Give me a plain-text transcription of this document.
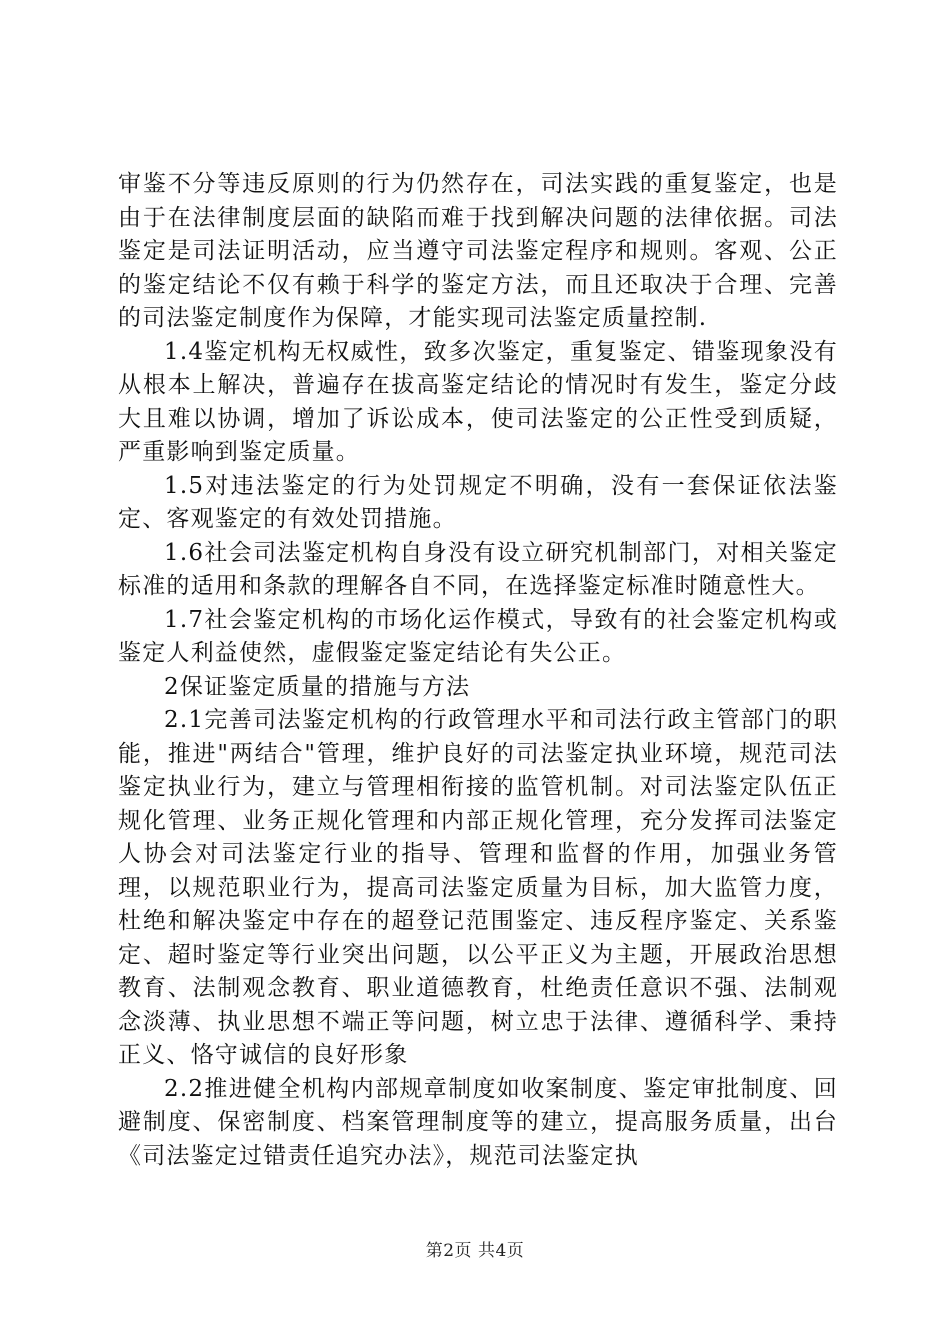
审鉴不分等违反原则的行为仍然存在，司法实践的重复鉴定，也是由于在法律制度层面的缺陷而难于找到解决问题的法律依据。司法鉴定是司法证明活动，应当遵守司法鉴定程序和规则。客观、公正的鉴定结论不仅有赖于科学的鉴定方法，而且还取决于合理、完善的司法鉴定制度作为保障，才能实现司法鉴定质量控制.

1.4鉴定机构无权威性，致多次鉴定，重复鉴定、错鉴现象没有从根本上解决，普遍存在拔高鉴定结论的情况时有发生，鉴定分歧大且难以协调，增加了诉讼成本，使司法鉴定的公正性受到质疑，严重影响到鉴定质量。

1.5对违法鉴定的行为处罚规定不明确，没有一套保证依法鉴定、客观鉴定的有效处罚措施。

1.6社会司法鉴定机构自身没有设立研究机制部门，对相关鉴定标准的适用和条款的理解各自不同，在选择鉴定标准时随意性大。

1.7社会鉴定机构的市场化运作模式，导致有的社会鉴定机构或鉴定人利益使然，虚假鉴定鉴定结论有失公正。

2保证鉴定质量的措施与方法

2.1完善司法鉴定机构的行政管理水平和司法行政主管部门的职能，推进"两结合"管理，维护良好的司法鉴定执业环境，规范司法鉴定执业行为，建立与管理相衔接的监管机制。对司法鉴定队伍正规化管理、业务正规化管理和内部正规化管理，充分发挥司法鉴定人协会对司法鉴定行业的指导、管理和监督的作用，加强业务管理，以规范职业行为，提高司法鉴定质量为目标，加大监管力度，杜绝和解决鉴定中存在的超登记范围鉴定、违反程序鉴定、关系鉴定、超时鉴定等行业突出问题，以公平正义为主题，开展政治思想教育、法制观念教育、职业道德教育，杜绝责任意识不强、法制观念淡薄、执业思想不端正等问题，树立忠于法律、遵循科学、秉持正义、恪守诚信的良好形象

2.2推进健全机构内部规章制度如收案制度、鉴定审批制度、回避制度、保密制度、档案管理制度等的建立，提高服务质量，出台《司法鉴定过错责任追究办法》，规范司法鉴定执

第2页 共4页
